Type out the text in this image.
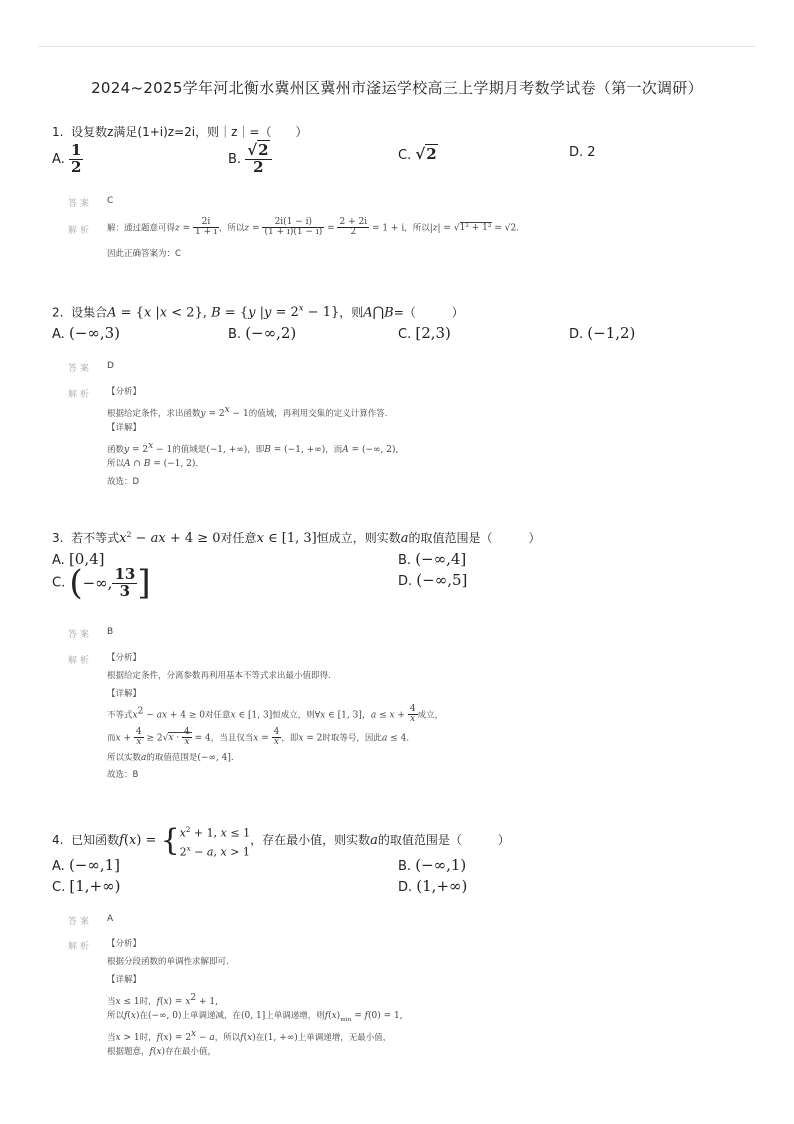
2024~2025学年河北衡水冀州区冀州市滏运学校高三上学期月考数学试卷（第一次调研）
1. 设复数z满足(1+i)z=2i，则｜z｜=（　　）
A. $\frac{1}{2}$	B. $\frac{√2}{2}$	C. √2	D. 2
答案 C
解析 解：通过题意可得$z = \frac{2i}{1 + i}$ ，所以$z = \frac{2i(1 - i)}{(1 + i)(1 - i)} = \frac{2 + 2i}{2} = 1 + i$，所以|z| = √1² + 1² = √2.
因此正确答案为：C
2. 设集合A = {x |x < 2}, B = {y $|y = 2^x - 1$}，则A⋂B=（　　　）
A. (−∞,3)	B. (−∞,2)	C. [2,3)	D. (−1,2)
答案 D
解析 【分析】
根据给定条件，求出函数y = 2x − 1的值域，再利用交集的定义计算作答.
【详解】
函数y = 2x − 1的值域是(−1, +∞)，即B = (−1, +∞)，而A = (−∞, 2),
所以A ∩ B = (−1, 2).
故选：D
3. 若不等式$x^2$ − ax + 4 ≥ 0对任意x ∈ [1, 3]恒成立，则实数a的取值范围是（　　　）
A. [0,4]	B. (−∞,4]
C. (−∞, $\frac{13}{3}$ ]	D. (−∞,5]
答案 B
解析 【分析】
根据给定条件，分离参数再利用基本不等式求出最小值即得.
【详解】
不等式x2 − ax + 4 ≥ 0对任意x ∈ [1, 3]恒成立，则∀x ∈ [1, 3]，$a \le x + \frac{4}{x}$ 成立，
而$x + \frac{4}{x} \ge 2√x \cdot \frac{4}{x} = 4$，当且仅当$x = \frac{4}{x}$ ，即x = 2时取等号，因此a ≤ 4.
所以实数a的取值范围是(−∞, 4].
故选：B
4. 已知函数$f(x) = \{x^2 + 1$, x ≤ 1
$2^x - a$, x > 1，存在最小值，则实数a的取值范围是（　　　）
A. (−∞,1]	B. (−∞,1)
C. [1,+∞)	D. (1,+∞)
答案 A
解析 【分析】
根据分段函数的单调性求解即可.
【详解】
当x ≤ 1时，f(x) = x2 + 1,
所以f(x)在(−∞, 0)上单调递减，在(0, 1]上单调递增，则$f(x)_{min} = f(0) = 1$,
当x > 1时，f(x) = 2x − a，所以f(x)在(1, +∞)上单调递增，无最小值，
根据题意，f(x)存在最小值，
